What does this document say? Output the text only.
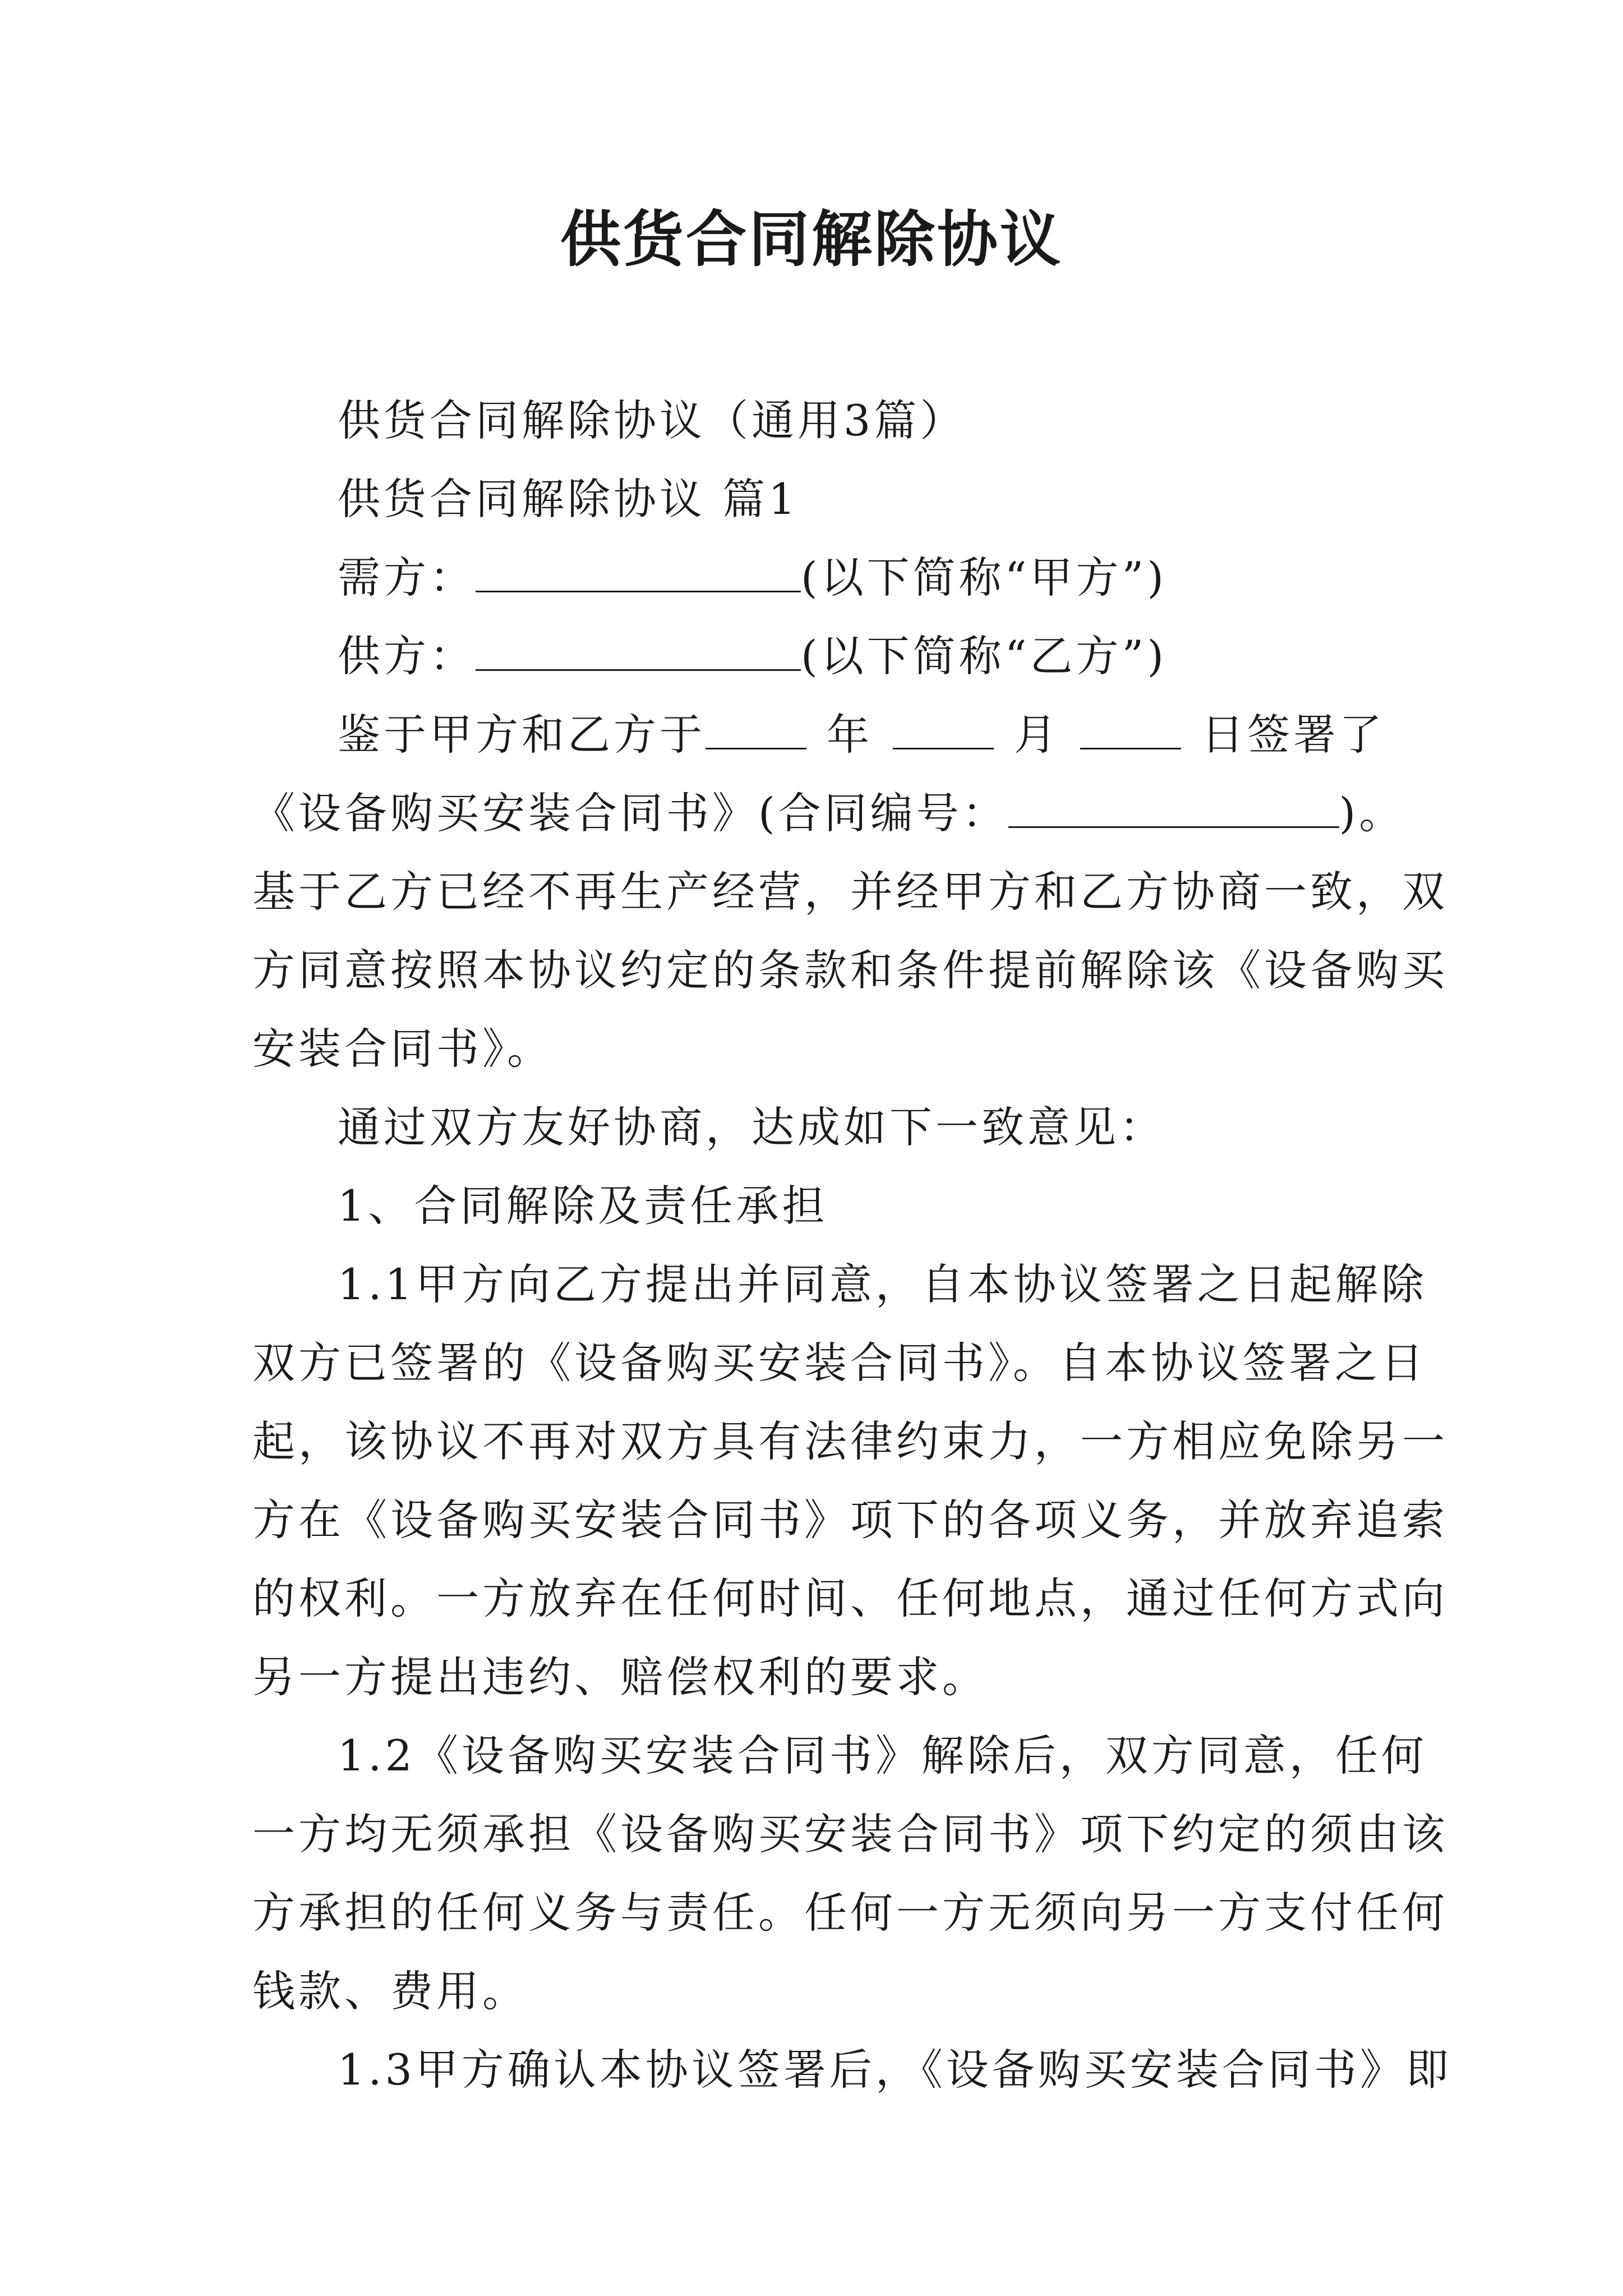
供货合同解除协议
供货合同解除协议（通用3篇）
供货合同解除协议 篇1
需方：	(以下简称“甲方”)
供方：	(以下简称“乙方”)
鉴于甲方和乙方于	年	月	日签署了
《设备购买安装合同书》(合同编号：	)。
基于乙方已经不再生产经营，并经甲方和乙方协商一致，双
方同意按照本协议约定的条款和条件提前解除该《设备购买
安装合同书》。
通过双方友好协商，达成如下一致意见：
1、合同解除及责任承担
1.1甲方向乙方提出并同意，自本协议签署之日起解除
双方已签署的《设备购买安装合同书》。自本协议签署之日
起，该协议不再对双方具有法律约束力，一方相应免除另一
方在《设备购买安装合同书》项下的各项义务，并放弃追索
的权利。一方放弃在任何时间、任何地点，通过任何方式向
另一方提出违约、赔偿权利的要求。
1.2《设备购买安装合同书》解除后，双方同意，任何
一方均无须承担《设备购买安装合同书》项下约定的须由该
方承担的任何义务与责任。任何一方无须向另一方支付任何
钱款、费用。
1.3甲方确认本协议签署后，《设备购买安装合同书》即
